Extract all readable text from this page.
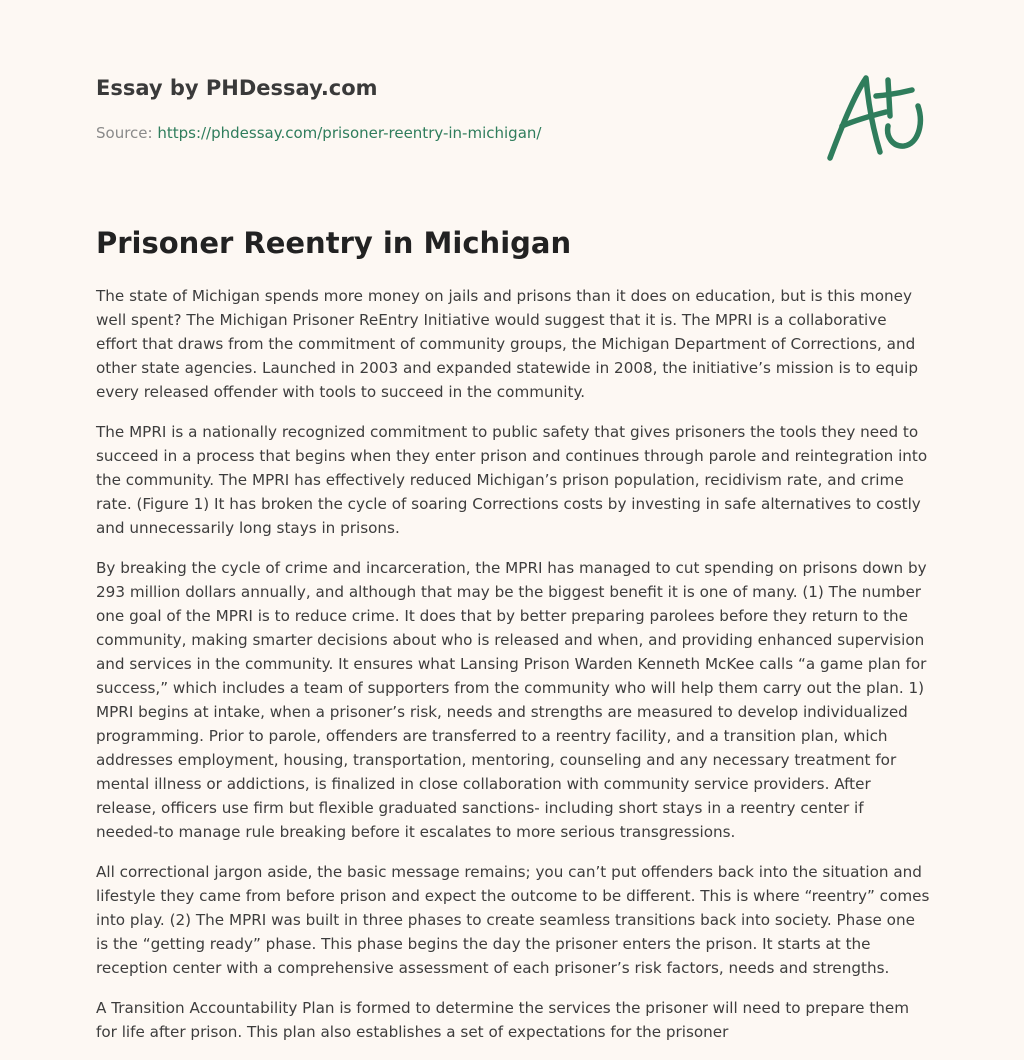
Essay by PHDessay.com
Source: https://phdessay.com/prisoner-reentry-in-michigan/
Prisoner Reentry in Michigan

The state of Michigan spends more money on jails and prisons than it does on education, but is this money well spent? The Michigan Prisoner ReEntry Initiative would suggest that it is. The MPRI is a collaborative effort that draws from the commitment of community groups, the Michigan Department of Corrections, and other state agencies. Launched in 2003 and expanded statewide in 2008, the initiative’s mission is to equip every released offender with tools to succeed in the community.

The MPRI is a nationally recognized commitment to public safety that gives prisoners the tools they need to succeed in a process that begins when they enter prison and continues through parole and reintegration into the community. The MPRI has effectively reduced Michigan’s prison population, recidivism rate, and crime rate. (Figure 1) It has broken the cycle of soaring Corrections costs by investing in safe alternatives to costly and unnecessarily long stays in prisons.

By breaking the cycle of crime and incarceration, the MPRI has managed to cut spending on prisons down by 293 million dollars annually, and although that may be the biggest benefit it is one of many. (1) The number one goal of the MPRI is to reduce crime. It does that by better preparing parolees before they return to the community, making smarter decisions about who is released and when, and providing enhanced supervision and services in the community. It ensures what Lansing Prison Warden Kenneth McKee calls “a game plan for success,” which includes a team of supporters from the community who will help them carry out the plan. 1) MPRI begins at intake, when a prisoner’s risk, needs and strengths are measured to develop individualized programming. Prior to parole, offenders are transferred to a reentry facility, and a transition plan, which addresses employment, housing, transportation, mentoring, counseling and any necessary treatment for mental illness or addictions, is finalized in close collaboration with community service providers. After release, officers use firm but flexible graduated sanctions- including short stays in a reentry center if needed-to manage rule breaking before it escalates to more serious transgressions.

All correctional jargon aside, the basic message remains; you can’t put offenders back into the situation and lifestyle they came from before prison and expect the outcome to be different. This is where “reentry” comes into play. (2) The MPRI was built in three phases to create seamless transitions back into society. Phase one is the “getting ready” phase. This phase begins the day the prisoner enters the prison. It starts at the reception center with a comprehensive assessment of each prisoner’s risk factors, needs and strengths.

A Transition Accountability Plan is formed to determine the services the prisoner will need to prepare them for life after prison. This plan also establishes a set of expectations for the prisoner
